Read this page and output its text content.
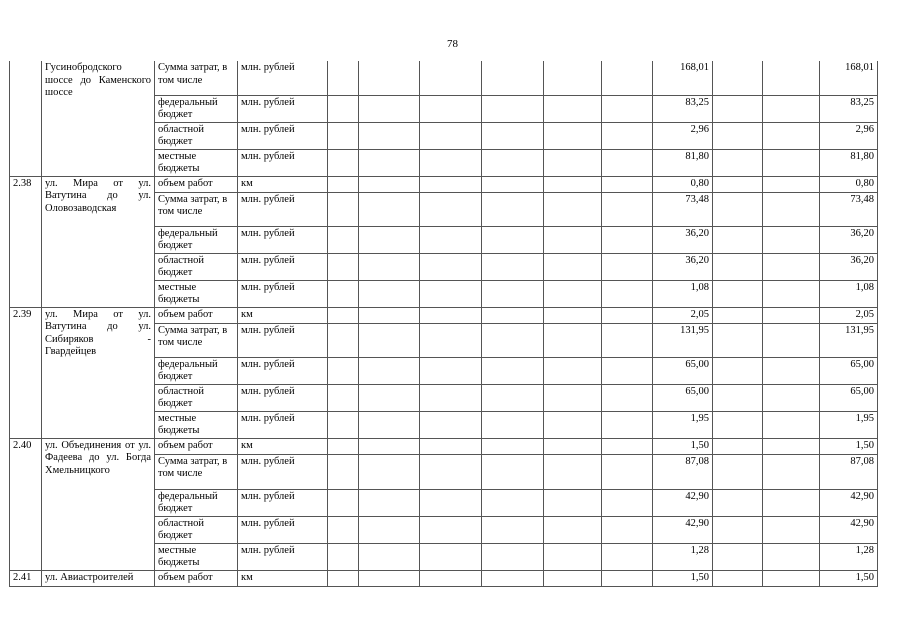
78
	Гусинобродского шоссе до Каменского шоссе	Сумма затрат, в том числе	млн. рублей							168,01			168,01
		федеральный бюджет	млн. рублей							83,25			83,25
		областной бюджет	млн. рублей							2,96			2,96
		местные бюджеты	млн. рублей							81,80			81,80
2.38	ул. Мира от ул. Ватутина до ул. Оловозаводская	объем работ	км							0,80			0,80
		Сумма затрат, в том числе	млн. рублей							73,48			73,48
		федеральный бюджет	млн. рублей							36,20			36,20
		областной бюджет	млн. рублей							36,20			36,20
		местные бюджеты	млн. рублей							1,08			1,08
2.39	ул. Мира от ул. Ватутина до ул. Сибиряков - Гвардейцев	объем работ	км							2,05			2,05
		Сумма затрат, в том числе	млн. рублей							131,95			131,95
		федеральный бюджет	млн. рублей							65,00			65,00
		областной бюджет	млн. рублей							65,00			65,00
		местные бюджеты	млн. рублей							1,95			1,95
2.40	ул. Объединения от ул. Фадеева до ул. Богда Хмельницкого	объем работ	км							1,50			1,50
		Сумма затрат, в том числе	млн. рублей							87,08			87,08
		федеральный бюджет	млн. рублей							42,90			42,90
		областной бюджет	млн. рублей							42,90			42,90
		местные бюджеты	млн. рублей							1,28			1,28
2.41	ул. Авиастроителей	объем работ	км							1,50			1,50
